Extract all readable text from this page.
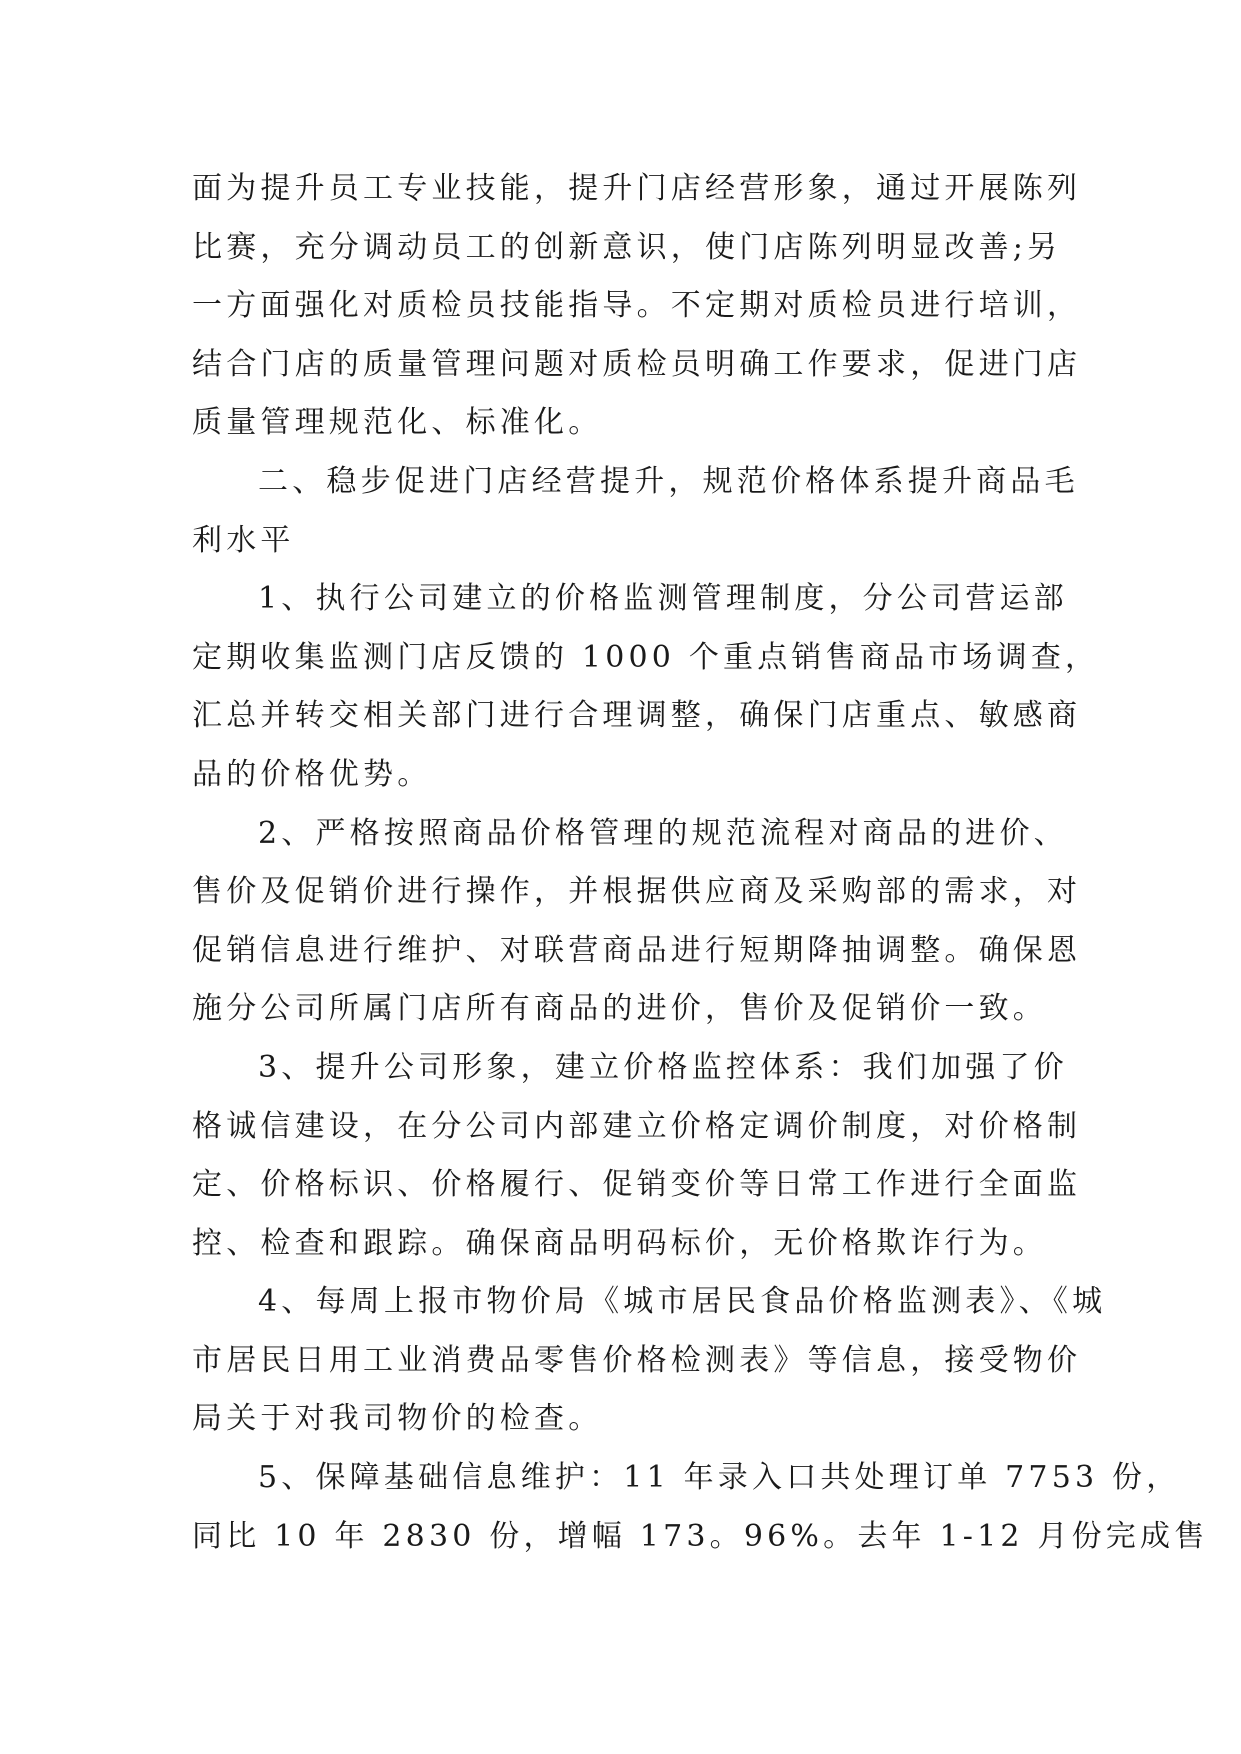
面为提升员工专业技能，提升门店经营形象，通过开展陈列
比赛，充分调动员工的创新意识，使门店陈列明显改善;另
一方面强化对质检员技能指导。不定期对质检员进行培训，
结合门店的质量管理问题对质检员明确工作要求，促进门店
质量管理规范化、标准化。
二、稳步促进门店经营提升，规范价格体系提升商品毛
利水平
1、执行公司建立的价格监测管理制度，分公司营运部
定期收集监测门店反馈的 1000 个重点销售商品市场调查，
汇总并转交相关部门进行合理调整，确保门店重点、敏感商
品的价格优势。
2、严格按照商品价格管理的规范流程对商品的进价、
售价及促销价进行操作，并根据供应商及采购部的需求，对
促销信息进行维护、对联营商品进行短期降抽调整。确保恩
施分公司所属门店所有商品的进价，售价及促销价一致。
3、提升公司形象，建立价格监控体系：我们加强了价
格诚信建设，在分公司内部建立价格定调价制度，对价格制
定、价格标识、价格履行、促销变价等日常工作进行全面监
控、检查和跟踪。确保商品明码标价，无价格欺诈行为。
4、每周上报市物价局《城市居民食品价格监测表》、《城
市居民日用工业消费品零售价格检测表》等信息，接受物价
局关于对我司物价的检查。
5、保障基础信息维护：11 年录入口共处理订单 7753 份，
同比 10 年 2830 份，增幅 173。96%。去年 1-12 月份完成售
